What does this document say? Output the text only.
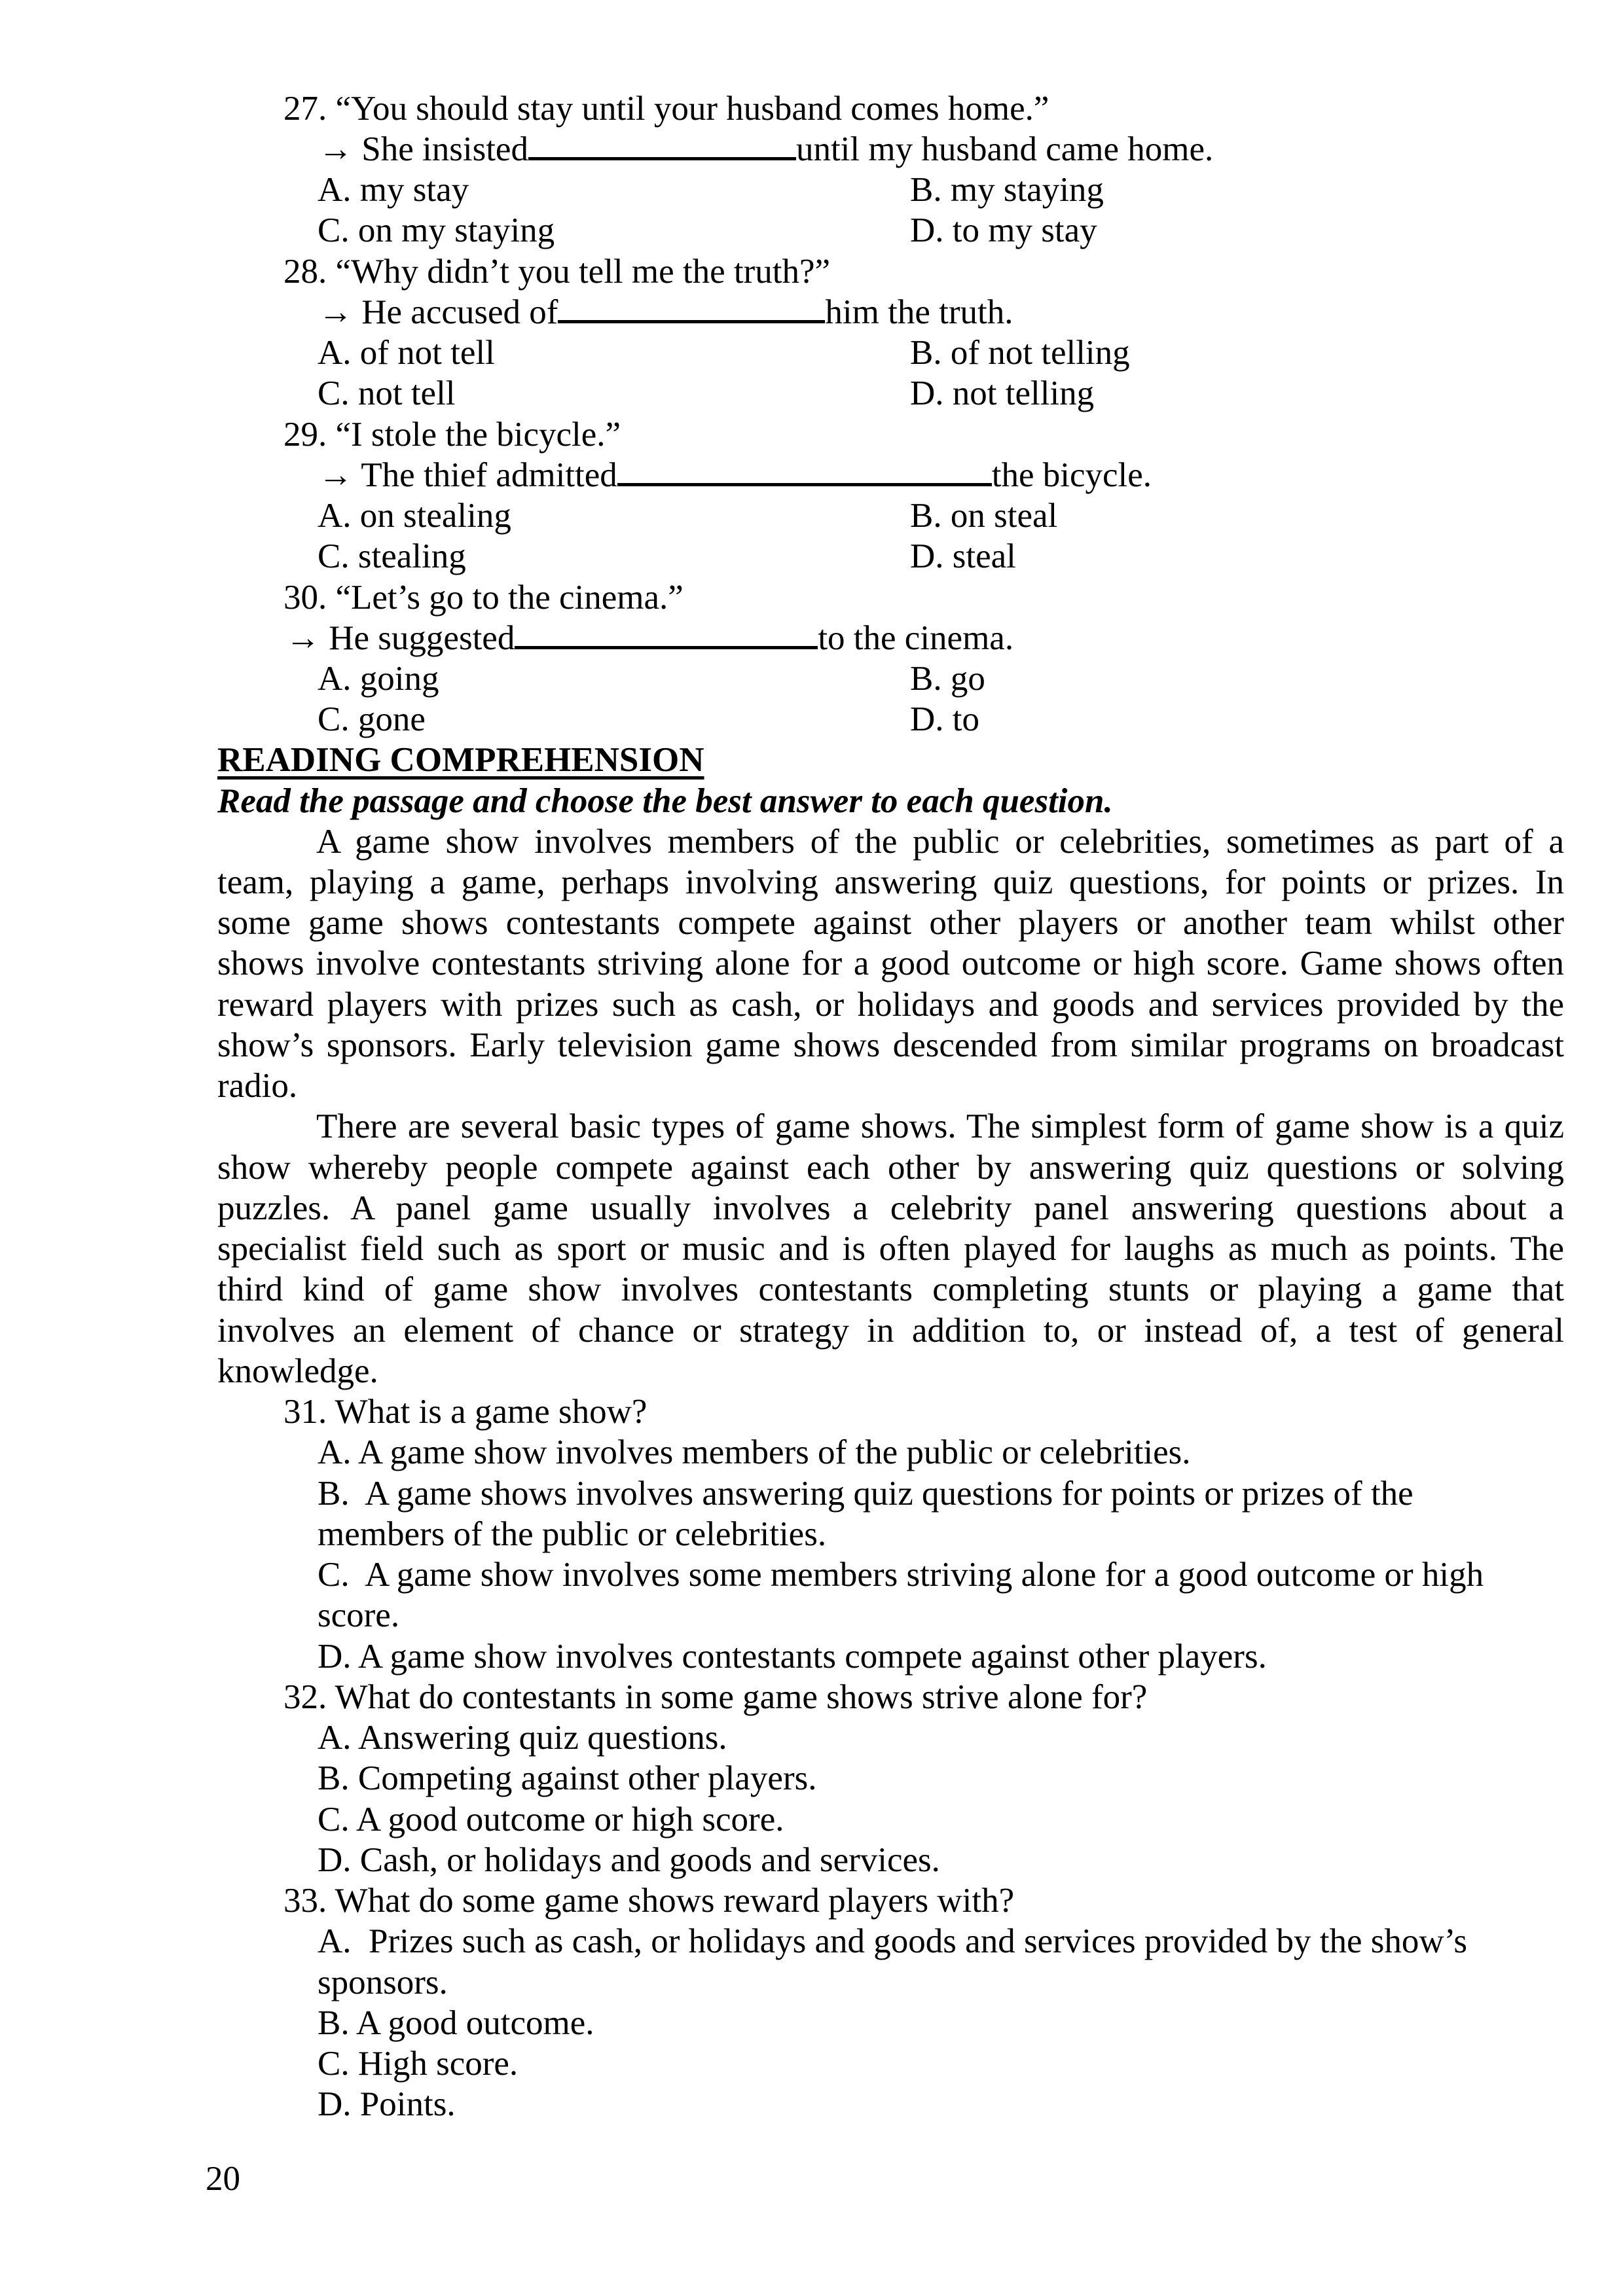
27. “You should stay until your husband comes home.”
→ She insisted	until my husband came home.
A. my stay	B. my staying
C. on my staying	D. to my stay
28. “Why didn’t you tell me the truth?”
→ He accused of	him the truth.
A. of not tell	B. of not telling
C. not tell	D. not telling
29. “I stole the bicycle.”
→ The thief admitted	the bicycle.
A. on stealing	B. on steal
C. stealing	D. steal
30. “Let’s go to the cinema.”
→ He suggested	to the cinema.
A. going	B. go
C. gone	D. to
READING COMPREHENSION
Read the passage and choose the best answer to each question.
A game show involves members of the public or celebrities, sometimes as part of a
team, playing a game, perhaps involving answering quiz questions, for points or prizes. In
some game shows contestants compete against other players or another team whilst other
shows involve contestants striving alone for a good outcome or high score. Game shows often
reward players with prizes such as cash, or holidays and goods and services provided by the
show’s sponsors. Early television game shows descended from similar programs on broadcast
radio.
There are several basic types of game shows. The simplest form of game show is a quiz
show whereby people compete against each other by answering quiz questions or solving
puzzles. A panel game usually involves a celebrity panel answering questions about a
specialist field such as sport or music and is often played for laughs as much as points. The
third kind of game show involves contestants completing stunts or playing a game that
involves an element of chance or strategy in addition to, or instead of, a test of general
knowledge.
31. What is a game show?
A. A game show involves members of the public or celebrities.
B.  A game shows involves answering quiz questions for points or prizes of the
members of the public or celebrities.
C.  A game show involves some members striving alone for a good outcome or high
score.
D. A game show involves contestants compete against other players.
32. What do contestants in some game shows strive alone for?
A. Answering quiz questions.
B. Competing against other players.
C. A good outcome or high score.
D. Cash, or holidays and goods and services.
33. What do some game shows reward players with?
A.  Prizes such as cash, or holidays and goods and services provided by the show’s
sponsors.
B. A good outcome.
C. High score.
D. Points.
20
